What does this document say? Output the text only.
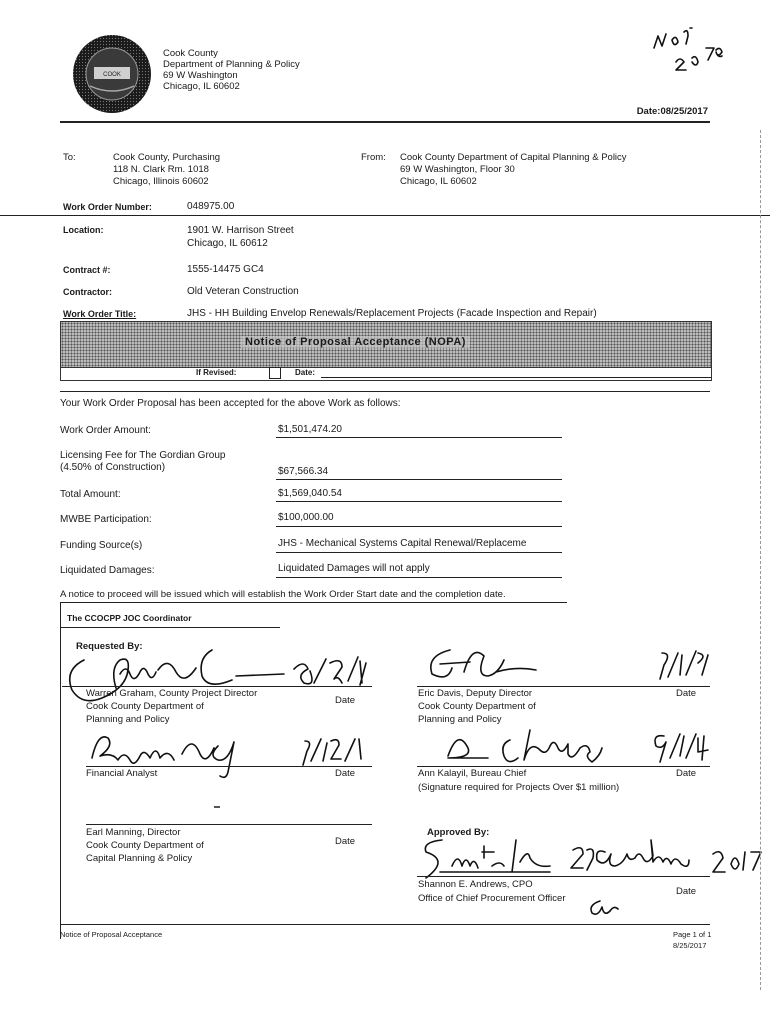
COOK
Cook County
Department of Planning & Policy
69 W Washington
Chicago, IL 60602
Date:08/25/2017
To:	Cook County, Purchasing
118 N. Clark Rm. 1018
Chicago, Illinois 60602
From: Cook County Department of Capital Planning & Policy
69 W Washington, Floor 30
Chicago, IL 60602
Work Order Number:	048975.00
Location:	1901 W. Harrison Street
Chicago, IL 60612
Contract #:	1555-14475 GC4
Contractor:	Old Veteran Construction
Work Order Title:	JHS - HH Building Envelop Renewals/Replacement Projects (Facade Inspection and Repair)
Notice of Proposal Acceptance (NOPA)
If Revised:	Date:
Your Work Order Proposal has been accepted for the above Work as follows:
Work Order Amount:	$1,501,474.20
Licensing Fee for The Gordian Group
(4.50% of Construction)	$67,566.34
Total Amount:	$1,569,040.54
MWBE Participation:	$100,000.00
Funding Source(s)	JHS - Mechanical Systems Capital Renewal/Replaceme
Liquidated Damages:	Liquidated Damages will not apply
A notice to proceed will be issued which will establish the Work Order Start date and the completion date.
The CCOCPP JOC Coordinator
Requested By:
Warren Graham, County Project Director
Cook County Department of
Planning and Policy
Date
Financial Analyst	Date
Earl Manning, Director
Cook County Department of
Capital Planning & Policy
Date
Eric Davis, Deputy Director
Cook County Department of
Planning and Policy
Date
Ann Kalayil, Bureau Chief
(Signature required for Projects Over $1 million)
Date
Approved By:
Shannon E. Andrews, CPO
Office of Chief Procurement Officer
Date
Notice of Proposal Acceptance	Page 1 of 1
8/25/2017
